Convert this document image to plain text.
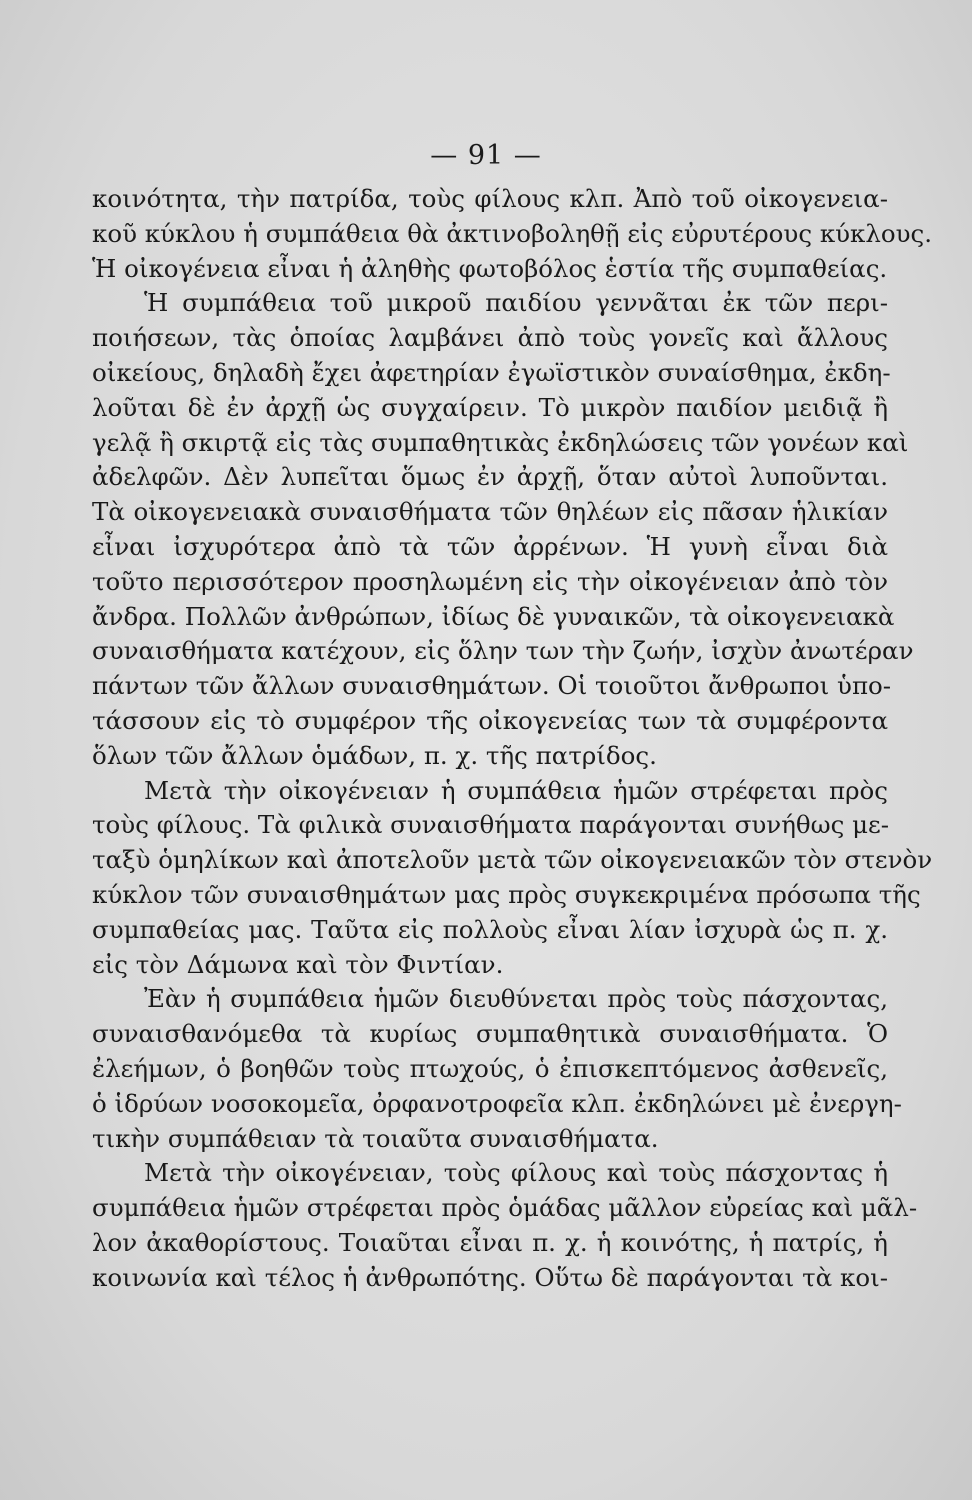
— 91 —
κοινότητα, τὴν πατρίδα, τοὺς φίλους κλπ. Ἀπὸ τοῦ οἰκογενεια-
κοῦ κύκλου ἡ συμπάθεια θὰ ἀκτινοβοληθῇ εἰς εὐρυτέρους κύκλους.
Ἡ οἰκογένεια εἶναι ἡ ἀληθὴς φωτοβόλος ἑστία τῆς συμπαθείας.
Ἡ συμπάθεια τοῦ μικροῦ παιδίου γεννᾶται ἐκ τῶν περι-
ποιήσεων, τὰς ὁποίας λαμβάνει ἀπὸ τοὺς γονεῖς καὶ ἄλλους
οἰκείους, δηλαδὴ ἔχει ἀφετηρίαν ἐγωϊστικὸν συναίσθημα, ἐκδη-
λοῦται δὲ ἐν ἀρχῇ ὡς συγχαίρειν. Τὸ μικρὸν παιδίον μειδιᾷ ἢ
γελᾷ ἢ σκιρτᾷ εἰς τὰς συμπαθητικὰς ἐκδηλώσεις τῶν γονέων καὶ
ἀδελφῶν. Δὲν λυπεῖται ὅμως ἐν ἀρχῇ, ὅταν αὐτοὶ λυποῦνται.
Τὰ οἰκογενειακὰ συναισθήματα τῶν θηλέων εἰς πᾶσαν ἡλικίαν
εἶναι ἰσχυρότερα ἀπὸ τὰ τῶν ἀρρένων. Ἡ γυνὴ εἶναι διὰ
τοῦτο περισσότερον προσηλωμένη εἰς τὴν οἰκογένειαν ἀπὸ τὸν
ἄνδρα. Πολλῶν ἀνθρώπων, ἰδίως δὲ γυναικῶν, τὰ οἰκογενειακὰ
συναισθήματα κατέχουν, εἰς ὅλην των τὴν ζωήν, ἰσχὺν ἀνωτέραν
πάντων τῶν ἄλλων συναισθημάτων. Οἱ τοιοῦτοι ἄνθρωποι ὑπο-
τάσσουν εἰς τὸ συμφέρον τῆς οἰκογενείας των τὰ συμφέροντα
ὅλων τῶν ἄλλων ὁμάδων, π. χ. τῆς πατρίδος.
Μετὰ τὴν οἰκογένειαν ἡ συμπάθεια ἡμῶν στρέφεται πρὸς
τοὺς φίλους. Τὰ φιλικὰ συναισθήματα παράγονται συνήθως με-
ταξὺ ὁμηλίκων καὶ ἀποτελοῦν μετὰ τῶν οἰκογενειακῶν τὸν στενὸν
κύκλον τῶν συναισθημάτων μας πρὸς συγκεκριμένα πρόσωπα τῆς
συμπαθείας μας. Ταῦτα εἰς πολλοὺς εἶναι λίαν ἰσχυρὰ ὡς π. χ.
εἰς τὸν Δάμωνα καὶ τὸν Φιντίαν.
Ἐὰν ἡ συμπάθεια ἡμῶν διευθύνεται πρὸς τοὺς πάσχοντας,
συναισθανόμεθα τὰ κυρίως συμπαθητικὰ συναισθήματα. Ὁ
ἐλεήμων, ὁ βοηθῶν τοὺς πτωχούς, ὁ ἐπισκεπτόμενος ἀσθενεῖς,
ὁ ἱδρύων νοσοκομεῖα, ὀρφανοτροφεῖα κλπ. ἐκδηλώνει μὲ ἐνεργη-
τικὴν συμπάθειαν τὰ τοιαῦτα συναισθήματα.
Μετὰ τὴν οἰκογένειαν, τοὺς φίλους καὶ τοὺς πάσχοντας ἡ
συμπάθεια ἡμῶν στρέφεται πρὸς ὁμάδας μᾶλλον εὐρείας καὶ μᾶλ-
λον ἀκαθορίστους. Τοιαῦται εἶναι π. χ. ἡ κοινότης, ἡ πατρίς, ἡ
κοινωνία καὶ τέλος ἡ ἀνθρωπότης. Οὕτω δὲ παράγονται τὰ κοι-
